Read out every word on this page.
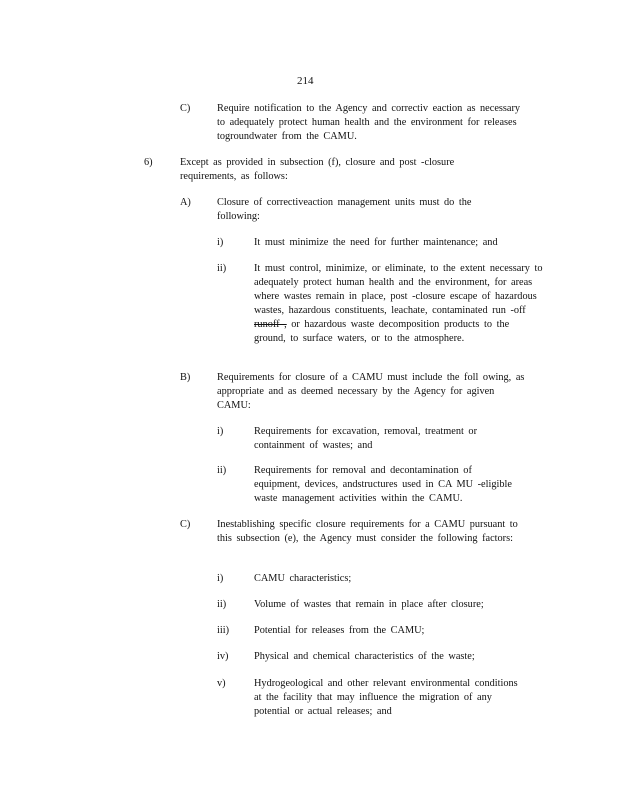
214
C)	Require notification to the Agency and correctiv eaction as necessary to adequately protect human health and the environment for releases togroundwater from the CAMU.
6)	Except as provided in subsection (f), closure and post -closure requirements, as follows:
A)	Closure of correctiveaction management units must do the following:
i)	It must minimize the need for further maintenance; and
ii)	It must control, minimize, or eliminate, to the extent necessary to adequately protect human health and the environment, for areas where wastes remain in place, post -closure escape of hazardous wastes, hazardous constituents, leachate, contaminated run -off runoff , or hazardous waste decomposition products to the ground, to surface waters, or to the atmosphere.
B)	Requirements for closure of a CAMU must include the foll owing, as appropriate and as deemed necessary by the Agency for agiven CAMU:
i)	Requirements for excavation, removal, treatment or containment of wastes; and
ii)	Requirements for removal and decontamination of equipment, devices, andstructures used in CA MU -eligible waste management activities within the CAMU.
C)	Inestablishing specific closure requirements for a CAMU pursuant to this subsection (e), the Agency must consider the following factors:
i)	CAMU characteristics;
ii)	Volume of wastes that remain in place after closure;
iii) Potential for releases from the CAMU;
iv) Physical and chemical characteristics of the waste;
v)	Hydrogeological and other relevant environmental conditions at the facility that may influence the migration of any potential or actual releases; and
